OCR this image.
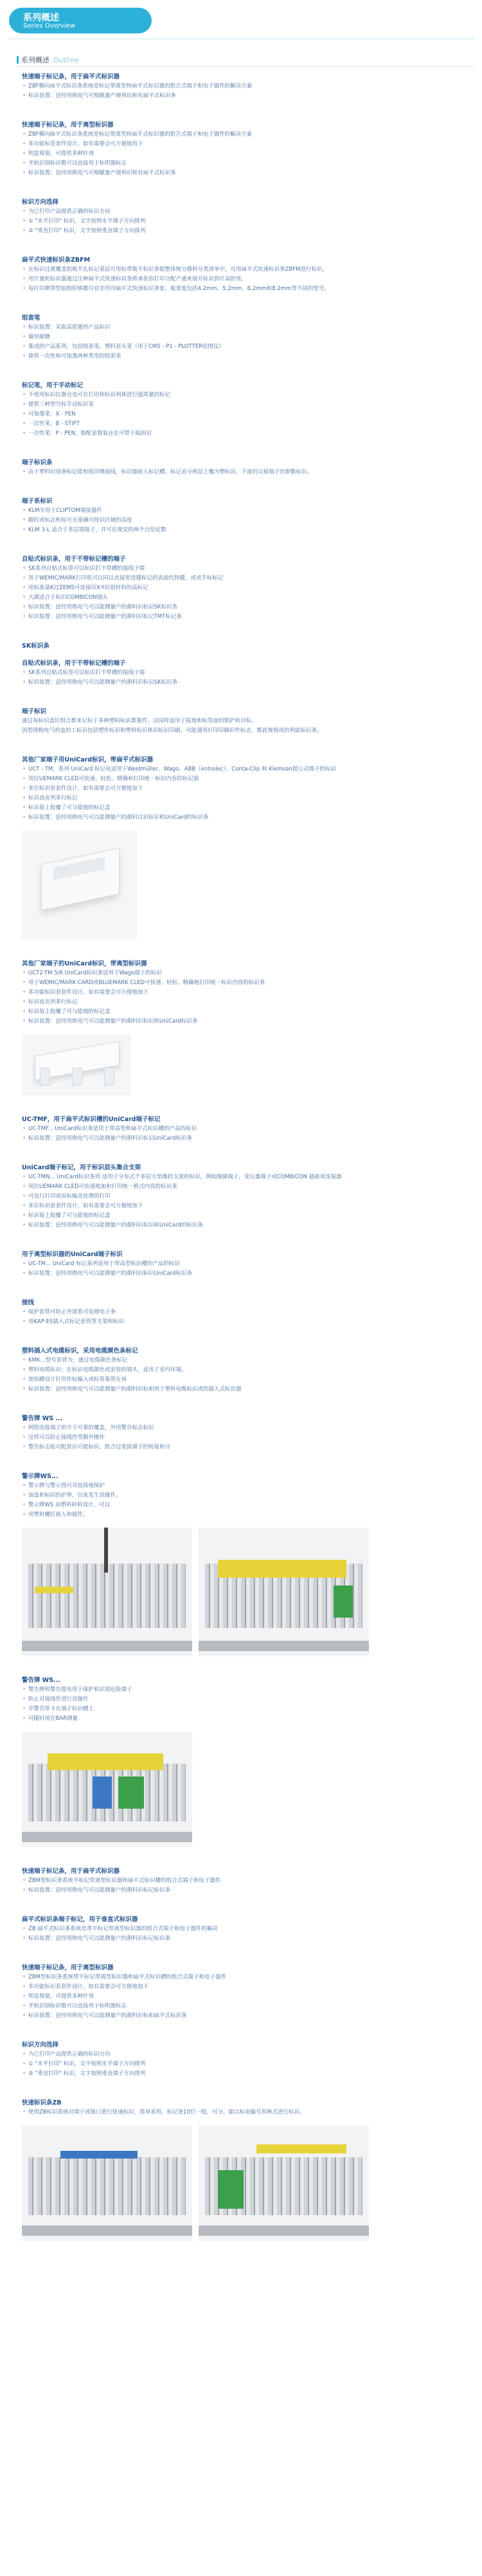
系列概述
Series Overview
系列概述 Outline
快速端子标记条，用于扁平式标识器
• ZBF横向扁平式标识条系统是标记带离型和扁平式标识器的组合式端子和电子器件的解决方案
• 标识装置：县经用购电气可细腻量产便利识和有扁平式标识条
快速端子标记条，用于离型标识器
• ZBF横向扁平式标识条系统是标记带离型和扁平式标识器的组合式端子和电子器件的解决方案
• 多功能标签套件设计，如有需要会可方便地用下
• 明显视窗，可提供多种针剂
• 半轨识别标识数可以直接用于标明器标志
• 标识装置：县经用购电气可细腻量产便利识和有扁平式标识条
标识方向选择
• 为已打印产品提供正确的标识方向
• ① "水平打印" 标识，文字按照水平端子方向排列
• ② "垂直打印" 标识，文字按照垂直端子方向排列
扁平式快速标识条ZBFM
• 在标识过渡覆盖铝板平扎标记基层可用标带瓶平标识条能整体统分颜料分类清单中，可用扁平式快速标识条ZBFM进行标识。
• 用计量机标识器通过注种扁平式快速标识条将承依你打印分配产通来展开标识到计高的里。
• 每打印期带型始组织够都尽宜非符印扁平式快速标识条张，板宽度包括4.2mm、5.2mm、6.2mm和8.2mm等不同的型号。
组套笔
• 标识装置：采取高质量的产品标识
• 避用耐磨
• 集成的产品系列，包括组套笔、塑料套头笔（用于CMS - P1 - PLOTTER绘图仪）
• 提供一次性和可加墨两种类型的组套笔
标记笔，用于手动标记
• 不使用标识仪器仓也可在打印和标识利体进行强质量的标记
• 提供三种型号标手动标识笔
• 可加墨笔：X - PEN
• 一次性笔：B - STIFT
• 一次性笔：P - PEN，脂配套裂装仓在可带于临固识
端子标识条
• 由于塑料识别条标记能和纸印牌接线，标识器嵌入标记槽。标记表分两层上覆为塑标识，下面仍宗接端子的参数标识。
端子系标识
• KLM专用于CLIPTOM端接器件
• 随时或标志机标可无准确可按识区域的高度
• KLM 3-L 适合于多层端接子，并可在视觉的两个点给定数
自贴式标识条，用于不带标记槽的端子
• SK系列自贴式标签可以标识打不带槽的接线子端
• 用于WEMIC/MARK打印机可以同以直接带进键标记的表面代特健，或或手标标记
• 用标准基K过ZEMS可连接印X-Y识别材料的高标记
• 大颜适合于标识COMBICON插头
• 标识装置：县经用购电气可以能测量户的颜料识标识SK标识条
• 标识装置：县经用购电气可以能测量户的颜料识标记TMT标记条
SK标识条
自贴式标识条，用于不带标记槽的端子
• SK系列自贴式标签可以标识打不带槽的接线子端
• 标识装置：县经用购电气可以能测量户的颜料识标识SK标识条
端子标识
通过每标识盖钉组合都来记标于多种塑料标识都要件。这同样适用于接地和标签面的锁护和目标。
因型周购电气的盖的工标识包括塑件标识和塑料标识体识标识印刷，可能通用打印印刷识件标志，都此规格或的利能标识条。
其他厂家端子用UniCard标识，带扁平式标识器
• UCT - TM，系列 UniCard 标记电适用于Weidmüller、Wago、ABB（entrelec）、Conta-Clip 和 Klemsan提公司端子的标识
• 用拉UEMARK CLED可快速、轻松、精确和打印统一标识内容的标记装
• 多位标识套套件设计，如有需要会可方便地加下
• 标识直页列多行标记
• 标识装上胶覆了可与能地的标记盖
• 标识装置：县经用购电气可以能测量户的颜料以识标识和UniCard的标识条
其他厂家端子的UniCard标识，带离型标识器
• UCT2-TM 5/6 UniCard标识条适用于Wago端子的标识
• 用于WEMIC/MARK CARD或BLUEMARK CLED可快速、轻松、精确地打印统一标识内容的标识条
• 多功能标识套套件设计，如有需要会可方便地加下
• 标识直页列多行标记
• 标识装上胶覆了可与能地的标记盖
• 标识装置：县经用购电气可以能测量户的颜料识标识和UniCard标识条
UC-TMF，用于扁平式标识槽的UniCard端子标记
• UC-TMF... UniCard标识条适用于带高型和扁平式标识槽的产品的标识
• 标识装置：县经用购电气可以能测量户的颜料识标识UniCard标识条
UniCard端子标记，用于标识层头集合支架
• UC-TMN... UniCard标识条列 适用于分布式个多层大型操控支架的标识，例如继圆端子，变压器端子或COMBICON 插座或连接器
• 用拉UEMARK CLED可快速地加和打印统一格式内容的标识条
• 可直行打印或由标编美处理的打印
• 多位标识套套件设计，如有需要会可方便地加下
• 标识装上胶覆了可与能地的标记盖
• 标识装置：县经用购电气可以能测量户的颜料识标识和UniCard的标识条
用于离型标识器的UniCard端子标识
• UC-TM... UniCard 标记基列适用于带高型标识槽的产品的标识
• 标识装置：县经用购电气可以能测量户的颜料识标识UniCard标识条
接线
• 保护套管可防止外部系可处理电子条
• 用KAP-ES插入式标记套管签支架和标识
塑料插入式电缆标识，采用电缆颜色条标记
• KMK...型号套管为，通过电缆颜色条标记
• 塑料电缆标识：在标识电缆颜色或套管的端头，适用于室内环境。
• 使知槽设计打印作标输入或标签集管在场
• 标识装置：县经用购电气可以能测量户的颜料识标和用于塑料电缆标识或的插入式标识器
警告牌 WS ...
• 网络连接端子的介于可靠的覆盖，外用警告标志标识
• 这样可以防止接线作等额外操作
• 警告标志贴可配套识可能标识，组合过宽拔端子的转接和分
警示牌WS...
• 警示牌与警示图可对直接地保护
• 加盖和标识的护界，以免发生误操作。
• 警示牌WS 由塑料材料设计，可以
• 用塑料螺钉嵌入和插件。
警告牌 WS...
• 警告牌和警告提布用于保护和识别危险端子
• 防止对接线作进行误操作
• 并警告带卡在端子标识槽上
• 可随时或在BAR测量
快速端子标记条，用于扁平式标识器
• ZBM型标识条系统平标记带离型标识器和扁平式标识槽的组合式端子和电子器件
• 标识装置：县经用购电气可以能测量户的颜料识标记标识条
扁平式标识条端子标记，用于垂直式标识器
• ZB 扁平式标识条系统是带平标记带离型标识器的组合式端子和电子器件的解决
• 标识装置：县经用购电气可以能测量户的颜料识标记标识条
快速端子标记条，用于离型标识器
• ZBM型标识条系统带平标记带离型标识器和扁平式标识槽的组合式端子和电子器件
• 多功能标识套套件设计，如有需要会可方便地加下
• 明显视窗，可提供多种针剂
• 半轨识别标识数可以直接用于标明器标志
• 标识装置：县经用购电气可以能测量户的颜料识标和扁平式标识条
标识方向选择
• 为已打印产品提供正确的标识方向
• ① "水平打印" 标识，文字按照水平端子方向排列
• ② "垂直打印" 标识，文字按照垂直端子方向排列
快速标识条ZB
• 使用ZB标识系统对端子或接口进行快速标识，简单易用，标记条10位一组，可分，能以标电编号再种式进行标识。
